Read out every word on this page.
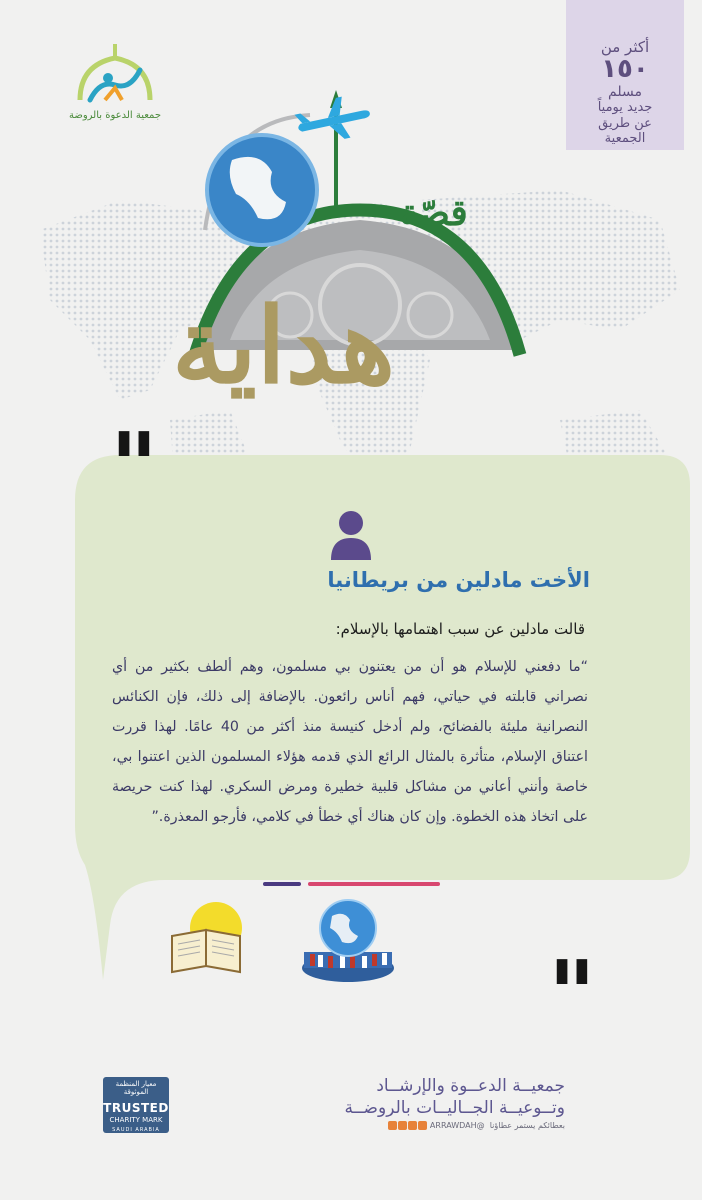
أكثر من
١٥٠
مسلم
جديد يومياً
عن طريق
الجمعية
جمعية الدعوة بالروضة
قصّة
هداية
"
"
الأخت مادلين من بريطانيا
قالت مادلين عن سبب اهتمامها بالإسلام:
“ما دفعني للإسلام هو أن من يعتنون بي مسلمون، وهم ألطف بكثير من أي نصراني قابلته في حياتي، فهم أناس رائعون. بالإضافة إلى ذلك، فإن الكنائس النصرانية مليئة بالفضائح، ولم أدخل كنيسة منذ أكثر من 40 عامًا. لهذا قررت اعتناق الإسلام، متأثرة بالمثال الرائع الذي قدمه هؤلاء المسلمون الذين اعتنوا بي، خاصة وأنني أعاني من مشاكل قلبية خطيرة ومرض السكري. لهذا كنت حريصة على اتخاذ هذه الخطوة. وإن كان هناك أي خطأ في كلامي، فأرجو المعذرة.”
معيار المنظمة الموثوقة
TRUSTED
CHARITY MARK
SAUDI ARABIA
جمعيــة الدعــوة والإرشــاد
وتــوعيــة الجــاليــات بالروضــة
بعطائكم يستمر عطاؤنا  @ARRAWDAH
